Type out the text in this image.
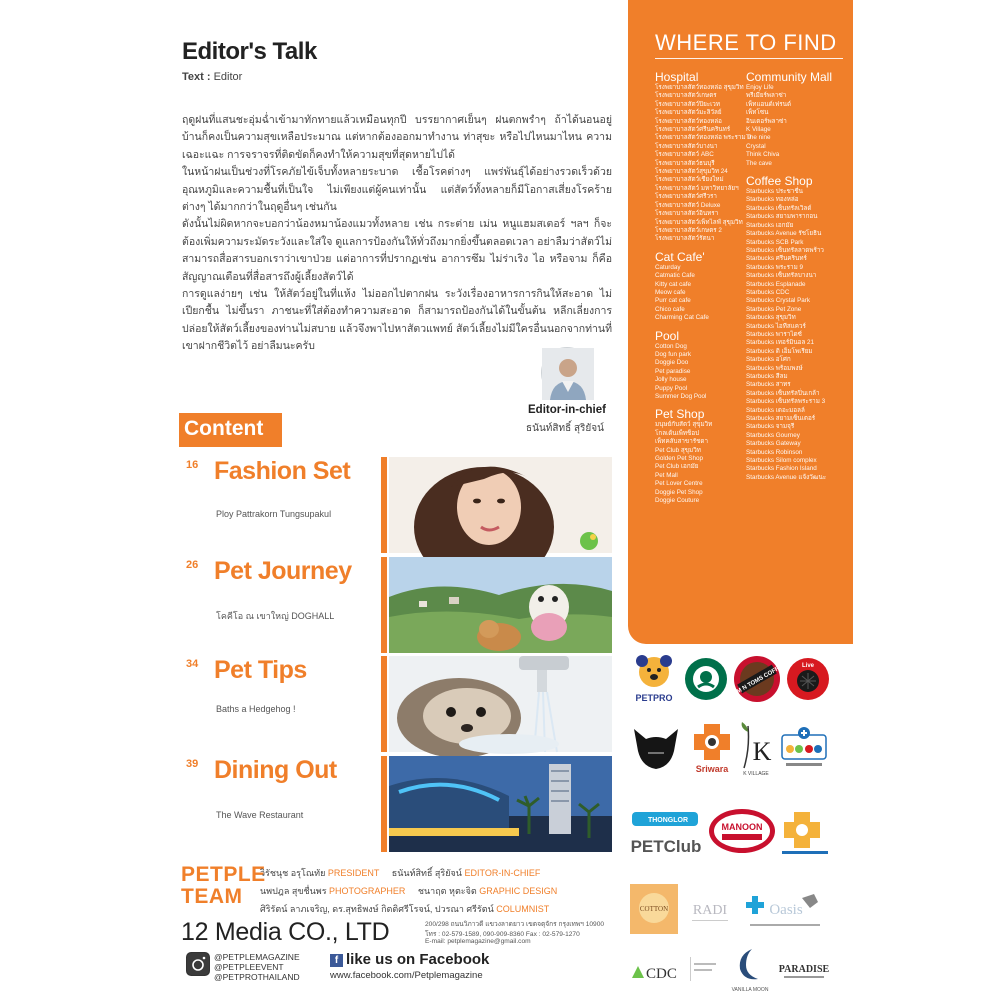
Editor's Talk
Text : Editor

ฤดูฝนที่แสนชะอุ่มฉ่ำเข้ามาทักทายแล้วเหมือนทุกปี บรรยากาศเย็นๆ ฝนตกพรำๆ ถ้าได้นอนอยู่บ้านก็คงเป็นความสุขเหลือประมาณ แต่หากต้องออกมาทำงาน ท่าสุขะ หรือไปไหนมาไหน ความเฉอะแฉะ การจราจรที่ติดขัดก็คงทำให้ความสุขที่สุดหายไปได้

ในหน้าฝนเป็นช่วงที่โรคภัยไข้เจ็บทั้งหลายระบาด เชื้อโรคต่างๆ แพร่พันธุ์ได้อย่างรวดเร็วด้วยอุณหภูมิและความชื้นที่เป็นใจ ไม่เพียงแต่ผู้คนเท่านั้น แต่สัตว์ทั้งหลายก็มีโอกาสเสี่ยงโรคร้ายต่างๆ ได้มากกว่าในฤดูอื่นๆ เช่นกัน

ดังนั้นไม่ผิดหากจะบอกว่าน้องหมาน้องแมวทั้งหลาย เช่น กระต่าย เม่น หนูแฮมสเตอร์ ฯลฯ ก็จะต้องเพิ่มความระมัดระวังและใส่ใจ ดูแลการป้องกันให้ทั่วถึงมากยิ่งขึ้นตลอดเวลา อย่าลืมว่าสัตว์ไม่สามารถสื่อสารบอกเราว่าเขาป่วย แต่อาการที่ปรากฏเช่น อาการซึม ไม่ร่าเริง ไอ หรือจาม ก็คือสัญญาณเตือนที่สื่อสารถึงผู้เลี้ยงสัตว์ได้

การดูแลง่ายๆ เช่น ให้สัตว์อยู่ในที่แห้ง ไม่ออกไปตากฝน ระวังเรื่องอาหารการกินให้สะอาด ไม่เปียกชื้น ไม่ขึ้นรา ภาชนะที่ใส่ต้องทำความสะอาด ก็สามารถป้องกันได้ในขั้นต้น หลีกเลี่ยงการปล่อยให้สัตว์เลี้ยงของท่านไม่สบาย แล้วจึงพาไปหาสัตวแพทย์ สัตว์เลี้ยงไม่มีใครอื่นนอกจากท่านที่เขาฝากชีวิตไว้ อย่าลืมนะครับ

Editor-in-chief
ธนันท์สิทธิ์ สุริยัจน์
Content
16 Fashion Set
Ploy Pattrakorn Tungsupakul
26 Pet Journey
โคคีโอ ณ เขาใหญ่ DOGHALL
34 Pet Tips
Baths a Hedgehog !
39 Dining Out
The Wave Restaurant
WHERE TO FIND
Hospital
โรงพยาบาลสัตว์ทองหล่อ สุขุมวิท
โรงพยาบาลสัตว์เกษตร
โรงพยาบาลสัตว์ปิยะเวท
โรงพยาบาลสัตว์มะลิวัลย์
โรงพยาบาลสัตว์ทองหล่อ
โรงพยาบาลสัตว์ศรีนครินทร์
โรงพยาบาลสัตว์ทองหล่อ พระราม 9
โรงพยาบาลสัตว์บางนา
โรงพยาบาลสัตว์ ABC
โรงพยาบาลสัตว์ธนบุรี
โรงพยาบาลสัตว์สุขุมวิท 24
โรงพยาบาลสัตว์เชียงใหม่
โรงพยาบาลสัตว์ มหาวิทยาลัยฯ
โรงพยาบาลสัตว์ศรีวรา
โรงพยาบาลสัตว์ Deluxe
โรงพยาบาลสัตว์อินทรา
โรงพยาบาลสัตว์เพ็ทไลฟ์ สุขุมวิท
โรงพยาบาลสัตว์เกษตร 2
โรงพยาบาลสัตว์รัตนา
Cat Cafe'
Caturday
Catmatic Cafe
Kitty cat cafe
Meow cafe
Purr cat cafe
Chico cafe
Charming Cat Cafe
Pool
Cotton Dog
Dog fun park
Doggie Doo
Pet paradise
Jolly house
Puppy Pool
Summer Dog Pool
Pet Shop
มนุษย์กับสัตว์ สุขุมวิท
โกลเด้นเพ็ทช็อป
เพ็ทคลับสาขารัชดา
Pet Club สุขุมวิท
Golden Pet Shop
Pet Club เอกมัย
Pet Mall
Pet Lover Centre
Doggie Pet Shop
Doggie Couture
Community Mall
Enjoy Life
พรีเมียร์พลาซ่า
เพ็ทแอนด์เฟรนด์
เพ็ทโซน
อินเตอร์พลาซ่า
K Village
The nine
Crystal
Think Chiva
The cave
Coffee Shop
Starbucks ประชาชื่น
Starbucks ทองหล่อ
Starbucks เซ็นทรัลเวิลด์
Starbucks สยามพารากอน
Starbucks เอกมัย
Starbucks Avenue รัชโยธิน
Starbucks SCB Park
Starbucks เซ็นทรัลลาดพร้าว
Starbucks ศรีนครินทร์
Starbucks พระราม 9
Starbucks เซ็นทรัลบางนา
Starbucks Esplanade
Starbucks CDC
Starbucks Crystal Park
Starbucks Pet Zone
Starbucks สุขุมวิท
Starbucks ไอทีสแควร์
Starbucks พาราไดซ์
Starbucks เทอร์มินอล 21
Starbucks ดิ เอ็มโพเรียม
Starbucks อโศก
Starbucks พร้อมพงษ์
Starbucks สีลม
Starbucks สาทร
Starbucks เซ็นทรัลปิ่นเกล้า
Starbucks เซ็นทรัลพระราม 3
Starbucks เดอะมอลล์
Starbucks สยามเซ็นเตอร์
Starbucks จามจุรี
Starbucks Gourney
Starbucks Gateway
Starbucks Robinson
Starbucks Silom complex
Starbucks Fashion Island
Starbucks Avenue แจ้งวัฒนะ
PETPRO	TOM N TOMS COFFEE Live
Sriwara
K
K VILLAGE
THONGLOR
PETClub
MANOON
COTTON RADI	Oasis
CDC
VANILLA MOON
PARADISE
PETPLE
TEAM
วิรัชนุช อรุโณทัย PRESIDENT ธนันท์สิทธิ์ สุริยัจน์ EDITOR-IN-CHIEF
นพปฎล สุขชื่นพร PHOTOGRAPHER ชนาฤต หุตะจิต GRAPHIC DESIGN
ศิริรัตน์ ลาภเจริญ, ดร.สุทธิพงษ์ กิตติศรีโรจน์, ปวรณา ศรีรัตน์ COLUMNIST
12 Media CO., LTD	200/298 ถนนวิภาวดี แขวงลาดยาว เขตจตุจักร กรุงเทพฯ 10900
โทร : 02-579-1589, 090-909-8360 Fax : 02-579-1270
E-mail: petplemagazine@gmail.com
@PETPLEMAGAZINE
@PETPLEEVENT
@PETPROTHAILAND
f like us on Facebook
www.facebook.com/Petplemagazine
